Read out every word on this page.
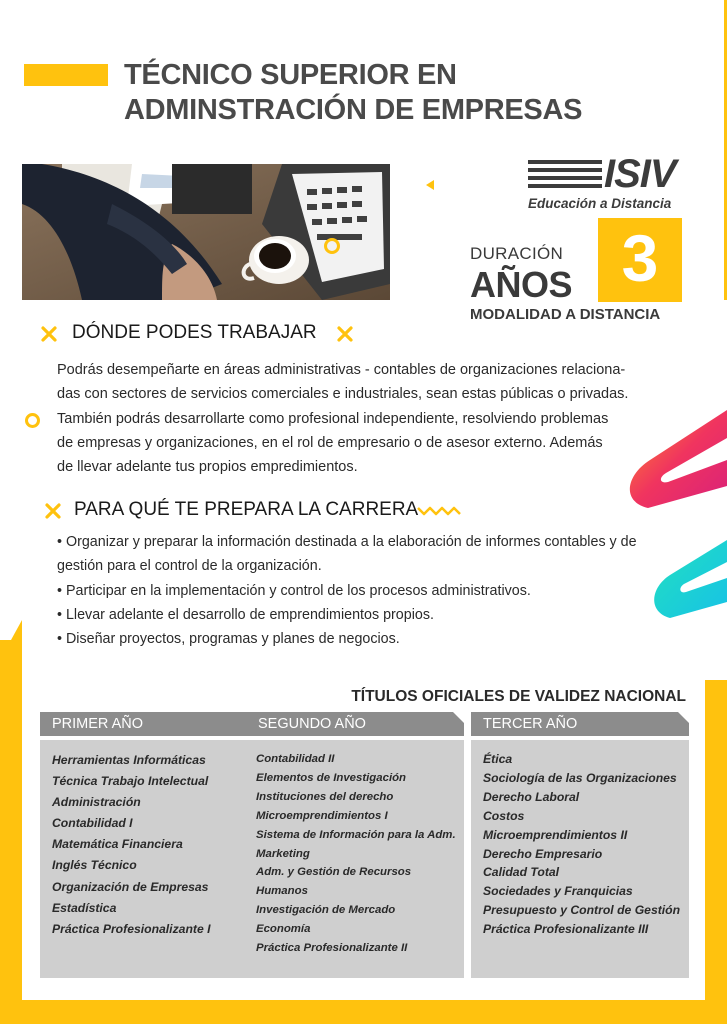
TÉCNICO SUPERIOR EN
ADMINSTRACIÓN DE EMPRESAS
ISIV
Educación a Distancia
DURACIÓN
AÑOS 3
MODALIDAD A DISTANCIA
DÓNDE PODES TRABAJAR
Podrás desempeñarte en áreas administrativas - contables de organizaciones relaciona-
das con sectores de servicios comerciales e industriales, sean estas públicas o privadas.
También podrás desarrollarte como profesional independiente, resolviendo problemas
de empresas y organizaciones, en el rol de empresario o de asesor externo. Además
de llevar adelante tus propios empredimientos.
PARA QUÉ TE PREPARA LA CARRERA
• Organizar y preparar la información destinada a la elaboración de informes contables y de
gestión para el control de la organización.
• Participar en la implementación y control de los procesos administrativos.
• Llevar adelante el desarrollo de emprendimientos propios.
• Diseñar proyectos, programas y planes de negocios.
TÍTULOS OFICIALES DE VALIDEZ NACIONAL
PRIMER AÑO
Herramientas Informáticas
Técnica Trabajo Intelectual
Administración
Contabilidad I
Matemática Financiera
Inglés Técnico
Organización de Empresas
Estadística
Práctica Profesionalizante I
SEGUNDO AÑO
Contabilidad II
Elementos de Investigación
Instituciones del derecho
Microemprendimientos I
Sistema de Información para la Adm.
Marketing
Adm. y Gestión de Recursos Humanos
Investigación de Mercado
Economía
Práctica Profesionalizante II
TERCER AÑO
Ética
Sociología de las Organizaciones
Derecho Laboral
Costos
Microemprendimientos II
Derecho Empresario
Calidad Total
Sociedades y Franquicias
Presupuesto y Control de Gestión
Práctica Profesionalizante III
